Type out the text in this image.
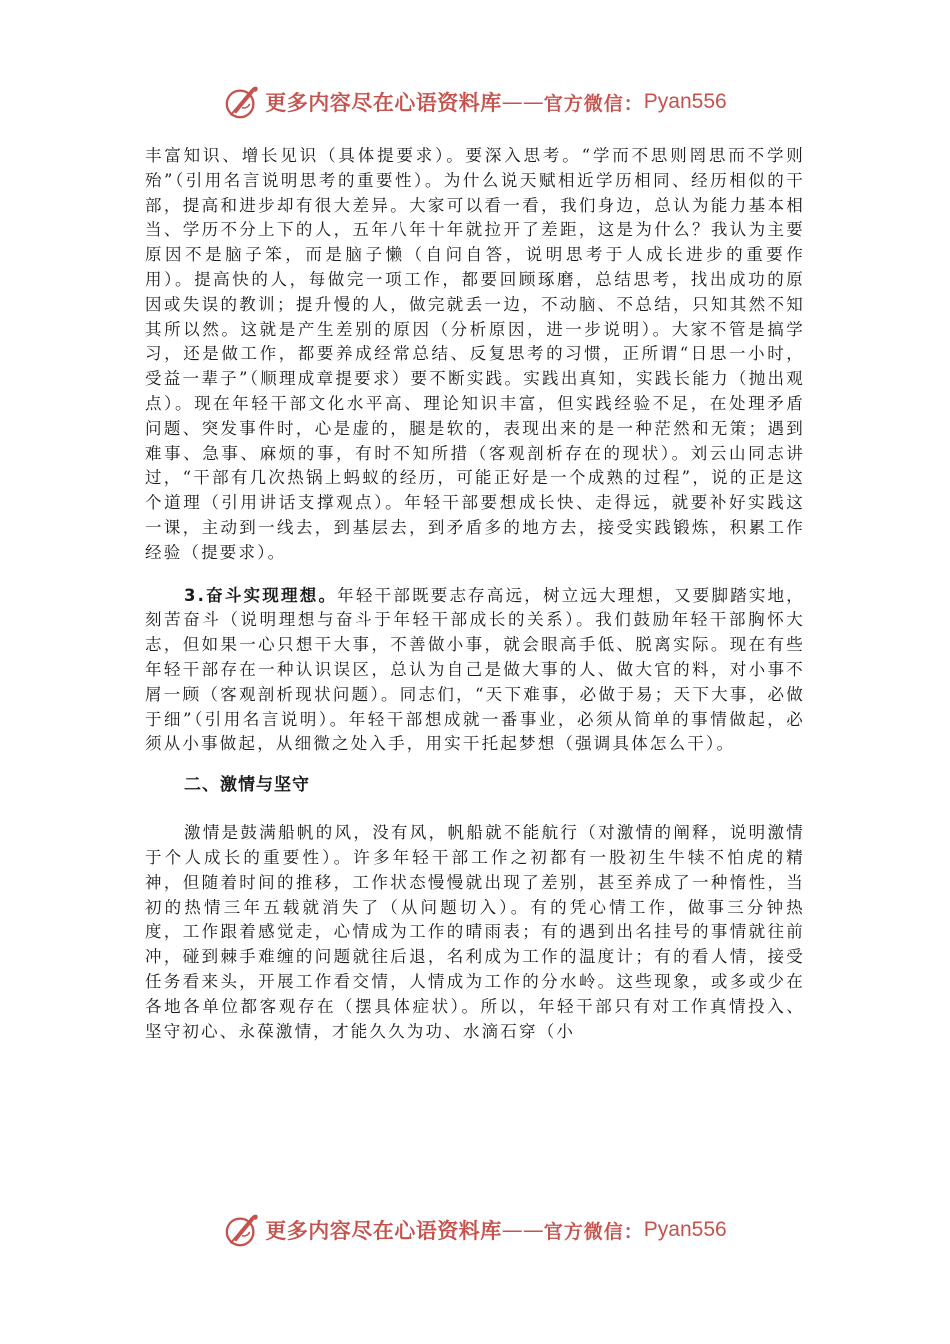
更多内容尽在心语资料库 —— 官方微信： Pyan556

丰富知识、增长见识（具体提要求）。要深入思考。“学而不思则罔思而不学则殆”（引用名言说明思考的重要性）。为什么说天赋相近学历相同、经历相似的干部，提高和进步却有很大差异。大家可以看一看，我们身边，总认为能力基本相当、学历不分上下的人，五年八年十年就拉开了差距，这是为什么？我认为主要原因不是脑子笨，而是脑子懒（自问自答，说明思考于人成长进步的重要作用）。提高快的人，每做完一项工作，都要回顾琢磨，总结思考，找出成功的原因或失误的教训；提升慢的人，做完就丢一边，不动脑、不总结，只知其然不知其所以然。这就是产生差别的原因（分析原因，进一步说明）。大家不管是搞学习，还是做工作，都要养成经常总结、反复思考的习惯，正所谓“日思一小时，受益一辈子”（顺理成章提要求）要不断实践。实践出真知，实践长能力（抛出观点）。现在年轻干部文化水平高、理论知识丰富，但实践经验不足，在处理矛盾问题、突发事件时，心是虚的，腿是软的，表现出来的是一种茫然和无策；遇到难事、急事、麻烦的事，有时不知所措（客观剖析存在的现状）。刘云山同志讲过，“干部有几次热锅上蚂蚁的经历，可能正好是一个成熟的过程”，说的正是这个道理（引用讲话支撑观点）。年轻干部要想成长快、走得远，就要补好实践这一课，主动到一线去，到基层去，到矛盾多的地方去，接受实践锻炼，积累工作经验（提要求）。

3.奋斗实现理想。年轻干部既要志存高远，树立远大理想，又要脚踏实地，刻苦奋斗（说明理想与奋斗于年轻干部成长的关系）。我们鼓励年轻干部胸怀大志，但如果一心只想干大事，不善做小事，就会眼高手低、脱离实际。现在有些年轻干部存在一种认识误区，总认为自己是做大事的人、做大官的料，对小事不屑一顾（客观剖析现状问题）。同志们，“天下难事，必做于易；天下大事，必做于细”（引用名言说明）。年轻干部想成就一番事业，必须从简单的事情做起，必须从小事做起，从细微之处入手，用实干托起梦想（强调具体怎么干）。

二、激情与坚守

激情是鼓满船帆的风，没有风，帆船就不能航行（对激情的阐释，说明激情于个人成长的重要性）。许多年轻干部工作之初都有一股初生牛犊不怕虎的精神，但随着时间的推移，工作状态慢慢就出现了差别，甚至养成了一种惰性，当初的热情三年五载就消失了（从问题切入）。有的凭心情工作，做事三分钟热度，工作跟着感觉走，心情成为工作的晴雨表；有的遇到出名挂号的事情就往前冲，碰到棘手难缠的问题就往后退，名利成为工作的温度计；有的看人情，接受任务看来头，开展工作看交情，人情成为工作的分水岭。这些现象，或多或少在各地各单位都客观存在（摆具体症状）。所以，年轻干部只有对工作真情投入、坚守初心、永葆激情，才能久久为功、水滴石穿（小

更多内容尽在心语资料库 —— 官方微信： Pyan556
